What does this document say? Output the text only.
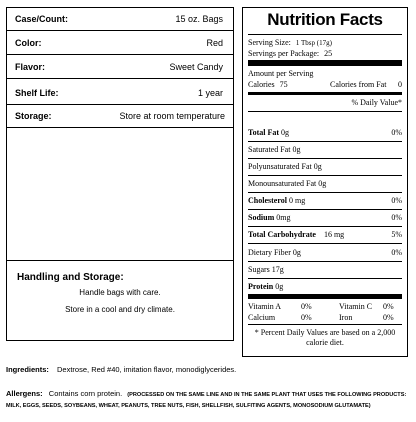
Case/Count:	15 oz. Bags
Color:	Red
Flavor:	Sweet Candy
Shelf Life:	1 year
Storage:	Store at room temperature
Handling and Storage:
Handle bags with care.
Store in a cool and dry climate.
Nutrition Facts
Serving Size: 1 Tbsp (17g)
Servings per Package: 25
Amount per Serving
Calories 75	Calories from Fat 0
% Daily Value*
Total Fat 0g	0%
Saturated Fat 0g
Polyunsaturated Fat 0g
Monounsaturated Fat 0g
Cholesterol 0 mg	0%
Sodium 0mg	0%
Total Carbohydrate 16 mg	5%
Dietary Fiber 0g	0%
Sugars 17g
Protein 0g
Vitamin A 0%	Vitamin C 0%
Calcium	0%	Iron	0%
* Percent Daily Values are based on a 2,000 calorie diet.
Ingredients: Dextrose, Red #40, imitation flavor, monodiglycerides.
Allergens: Contains corn protein. (PROCESSED ON THE SAME LINE AND IN THE SAME PLANT THAT USES THE FOLLOWING PRODUCTS: MILK, EGGS, SEEDS, SOYBEANS, WHEAT, PEANUTS, TREE NUTS, FISH, SHELLFISH, SULFITING AGENTS, MONOSODIUM GLUTAMATE)
